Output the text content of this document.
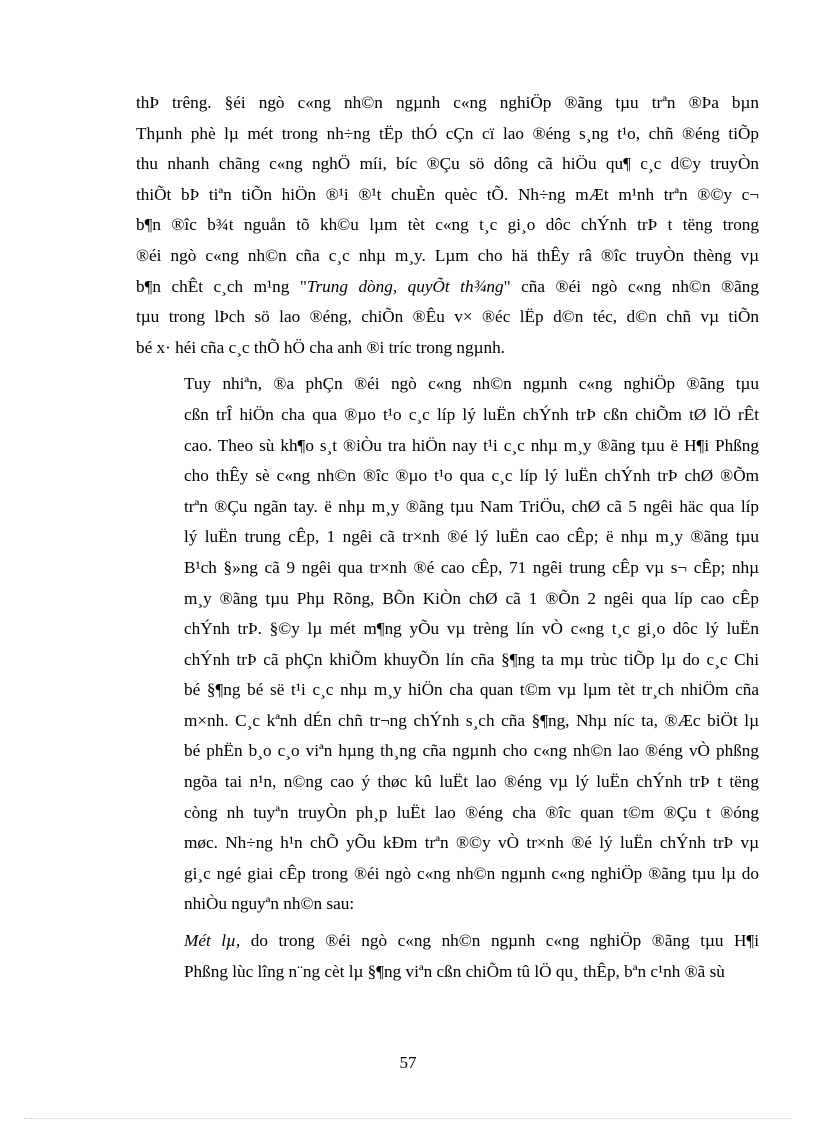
thÞ trêng. §éi ngò c«ng nh©n ngµnh c«ng nghiÖp ®ãng tµu trªn ®Þa bµn
Thµnh phè lµ mét trong nh÷ng tËp thÓ cÇn cï lao ®éng s¸ng t¹o, chñ ®éng tiÕp
thu nhanh chãng c«ng nghÖ míi, bíc ®Çu sö dông cã hiÖu qu¶ c¸c d©y truyÒn
thiÕt bÞ tiªn tiÕn hiÖn ®¹i ®¹t chuÈn quèc tÕ. Nh÷ng mÆt m¹nh trªn ®©y c¬
b¶n ®îc b¾t nguån tõ kh©u lµm tèt c«ng t¸c gi¸o dôc chÝnh trÞ t tëng trong
®éi ngò c«ng nh©n cña c¸c nhµ m¸y. Lµm cho hä thÊy râ ®îc truyÒn thèng vµ
b¶n chÊt c¸ch m¹ng "Trung dòng, quyÕt th¾ng" cña ®éi ngò c«ng nh©n ®ãng
tµu trong lÞch sö lao ®éng, chiÕn ®Êu v× ®éc lËp d©n téc, d©n chñ vµ tiÕn
bé x· héi cña c¸c thÕ hÖ cha anh ®i tríc trong ngµnh.

Tuy nhiªn, ®a phÇn ®éi ngò c«ng nh©n ngµnh c«ng nghiÖp ®ãng tµu
cßn trÎ hiÖn cha qua ®µo t¹o c¸c líp lý luËn chÝnh trÞ cßn chiÕm tØ lÖ rÊt
cao. Theo sù kh¶o s¸t ®iÒu tra hiÖn nay t¹i c¸c nhµ m¸y ®ãng tµu ë H¶i Phßng
cho thÊy sè c«ng nh©n ®îc ®µo t¹o qua c¸c líp lý luËn chÝnh trÞ chØ ®Õm
trªn ®Çu ngãn tay. ë nhµ m¸y ®ãng tµu Nam TriÖu, chØ cã 5 ngêi häc qua líp
lý luËn trung cÊp, 1 ngêi cã tr×nh ®é lý luËn cao cÊp; ë nhµ m¸y ®ãng tµu
B¹ch §»ng cã 9 ngêi qua tr×nh ®é cao cÊp, 71 ngêi trung cÊp vµ s¬ cÊp; nhµ
m¸y ®ãng tµu Phµ Rõng, BÕn KiÒn chØ cã 1 ®Õn 2 ngêi qua líp cao cÊp
chÝnh trÞ. §©y lµ mét m¶ng yÕu vµ trèng lín vÒ c«ng t¸c gi¸o dôc lý luËn
chÝnh trÞ cã phÇn khiÕm khuyÕn lín cña §¶ng ta mµ trùc tiÕp lµ do c¸c Chi
bé §¶ng bé së t¹i c¸c nhµ m¸y hiÖn cha quan t©m vµ lµm tèt tr¸ch nhiÖm cña
m×nh. C¸c kªnh dÉn chñ tr¬ng chÝnh s¸ch cña §¶ng, Nhµ níc ta, ®Æc biÖt lµ
bé phËn b¸o c¸o viªn hµng th¸ng cña ngµnh cho c«ng nh©n lao ®éng vÒ phßng
ngõa tai n¹n, n©ng cao ý thøc kû luËt lao ®éng vµ lý luËn chÝnh trÞ t tëng
còng nh tuyªn truyÒn ph¸p luËt lao ®éng cha ®îc quan t©m ®Çu t ®óng
møc. Nh÷ng h¹n chÕ yÕu kÐm trªn ®©y vÒ tr×nh ®é lý luËn chÝnh trÞ vµ
gi¸c ngé giai cÊp trong ®éi ngò c«ng nh©n ngµnh c«ng nghiÖp ®ãng tµu lµ do
nhiÒu nguyªn nh©n sau:

Mét lµ, do trong ®éi ngò c«ng nh©n ngµnh c«ng nghiÖp ®ãng tµu H¶i
Phßng lùc lîng n¨ng cèt lµ §¶ng viªn cßn chiÕm tû lÖ qu¸ thÊp, bªn c¹nh ®ã sù

57
